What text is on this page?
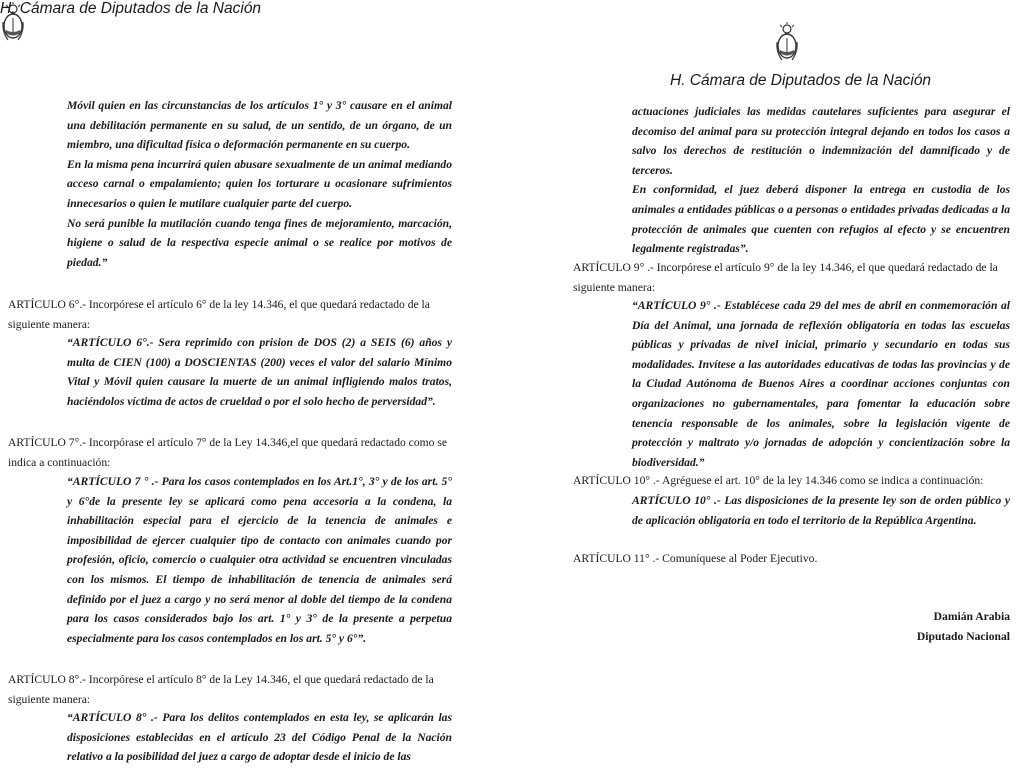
H. Cámara de Diputados de la Nación

Móvil quien en las circunstancias de los artículos 1° y 3° causare en el animal una debilitación permanente en su salud, de un sentido, de un órgano, de un miembro, una dificultad física o deformación permanente en su cuerpo.

En la misma pena incurrirá quien abusare sexualmente de un animal mediando acceso carnal o empalamiento; quien los torturare u ocasionare sufrimientos innecesarios o quien le mutilare cualquier parte del cuerpo.

No será punible la mutilación cuando tenga fines de mejoramiento, marcación, higiene o salud de la respectiva especie animal o se realice por motivos de piedad.”

ARTÍCULO 6°.- Incorpórese el artículo 6° de la ley 14.346, el que quedará redactado de la siguiente manera:
“ARTÍCULO 6°.- Sera reprimido con prision de DOS (2) a SEIS (6) años y multa de CIEN (100) a DOSCIENTAS (200) veces el valor del salario Mínimo Vital y Móvil quien causare la muerte de un animal infligiendo malos tratos, haciéndolos víctima de actos de crueldad o por el solo hecho de perversidad”.
ARTÍCULO 7°.- Incorpórase el artículo 7° de la Ley 14.346,el que quedará redactado como se indica a continuación:
“ARTÍCULO 7 ° .- Para los casos contemplados en los Art.1°, 3° y de los art. 5° y 6°de la presente ley se aplicará como pena accesoria a la condena, la inhabilitación especial para el ejercicio de la tenencia de animales e imposibilidad de ejercer cualquier tipo de contacto con animales cuando por profesión, oficio, comercio o cualquier otra actividad se encuentren vinculadas con los mismos. El tiempo de inhabilitación de tenencia de animales será definido por el juez a cargo y no será menor al doble del tiempo de la condena para los casos considerados bajo los art. 1° y 3° de la presente a perpetua especialmente para los casos contemplados en los art. 5° y 6°”.
ARTÍCULO 8°.- Incorpórese el artículo 8° de la Ley 14.346, el que quedará redactado de la siguiente manera:
“ARTÍCULO 8° .- Para los delitos contemplados en esta ley, se aplicarán las disposiciones establecidas en el artículo 23 del Código Penal de la Nación relativo a la posibilidad del juez a cargo de adoptar desde el inicio de las
H. Cámara de Diputados de la Nación

actuaciones judiciales las medidas cautelares suficientes para asegurar el decomiso del animal para su protección integral dejando en todos los casos a salvo los derechos de restitución o indemnización del damnificado y de terceros.

En conformidad, el juez deberá disponer la entrega en custodia de los animales a entidades públicas o a personas o entidades privadas dedicadas a la protección de animales que cuenten con refugios al efecto y se encuentren legalmente registradas”.

ARTÍCULO 9° .- Incorpórese el artículo 9° de la ley 14.346, el que quedará redactado de la siguiente manera:
“ARTÍCULO 9° .- Establécese cada 29 del mes de abril en conmemoración al Día del Animal, una jornada de reflexión obligatoria en todas las escuelas públicas y privadas de nivel inicial, primario y secundario en todas sus modalidades. Invítese a las autoridades educativas de todas las provincias y de la Ciudad Autónoma de Buenos Aires a coordinar acciones conjuntas con organizaciones no gubernamentales, para fomentar la educación sobre tenencia responsable de los animales, sobre la legislación vigente de protección y maltrato y/o jornadas de adopción y concientización sobre la biodiversidad.”
ARTÍCULO 10° .- Agréguese el art. 10° de la ley 14.346 como se indica a continuación:
ARTÍCULO 10° .- Las disposiciones de la presente ley son de orden público y de aplicación obligatoria en todo el territorio de la República Argentina.
ARTÍCULO 11° .- Comuníquese al Poder Ejecutivo.
Damián Arabia
Diputado Nacional
